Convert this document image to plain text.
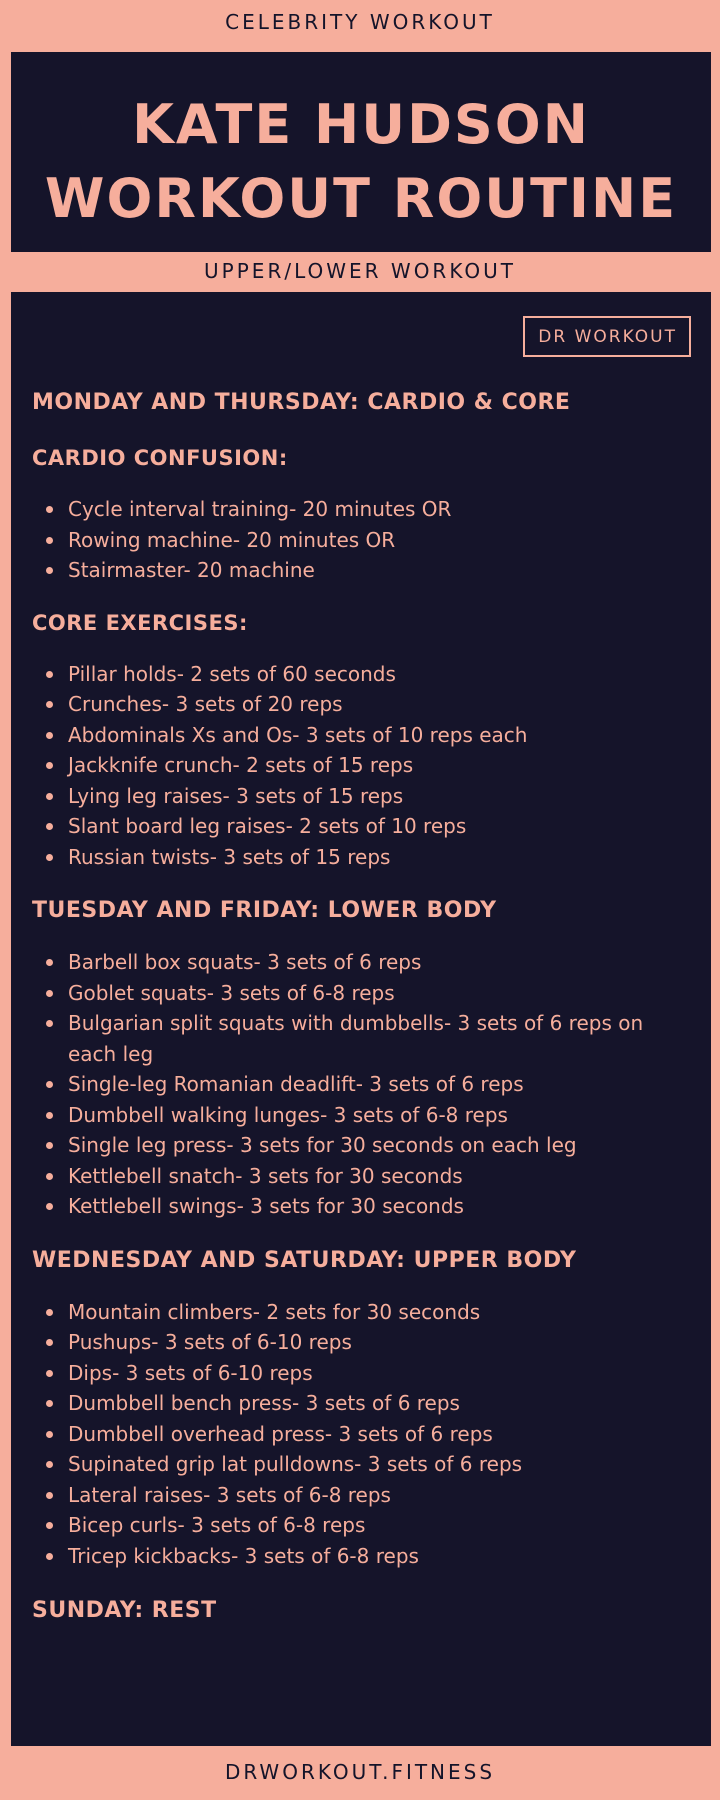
CELEBRITY WORKOUT
KATE HUDSON WORKOUT ROUTINE
UPPER/LOWER WORKOUT
DR WORKOUT
MONDAY AND THURSDAY: CARDIO & CORE
CARDIO CONFUSION:
Cycle interval training- 20 minutes OR
Rowing machine- 20 minutes OR
Stairmaster- 20 machine
CORE EXERCISES:
Pillar holds- 2 sets of 60 seconds
Crunches- 3 sets of 20 reps
Abdominals Xs and Os- 3 sets of 10 reps each
Jackknife crunch- 2 sets of 15 reps
Lying leg raises- 3 sets of 15 reps
Slant board leg raises- 2 sets of 10 reps
Russian twists- 3 sets of 15 reps
TUESDAY AND FRIDAY: LOWER BODY
Barbell box squats- 3 sets of 6 reps
Goblet squats- 3 sets of 6-8 reps
Bulgarian split squats with dumbbells- 3 sets of 6 reps on each leg
Single-leg Romanian deadlift- 3 sets of 6 reps
Dumbbell walking lunges- 3 sets of 6-8 reps
Single leg press- 3 sets for 30 seconds on each leg
Kettlebell snatch- 3 sets for 30 seconds
Kettlebell swings- 3 sets for 30 seconds
WEDNESDAY AND SATURDAY: UPPER BODY
Mountain climbers- 2 sets for 30 seconds
Pushups- 3 sets of 6-10 reps
Dips- 3 sets of 6-10 reps
Dumbbell bench press- 3 sets of 6 reps
Dumbbell overhead press- 3 sets of 6 reps
Supinated grip lat pulldowns- 3 sets of 6 reps
Lateral raises- 3 sets of 6-8 reps
Bicep curls- 3 sets of 6-8 reps
Tricep kickbacks- 3 sets of 6-8 reps
SUNDAY: REST
DRWORKOUT.FITNESS
